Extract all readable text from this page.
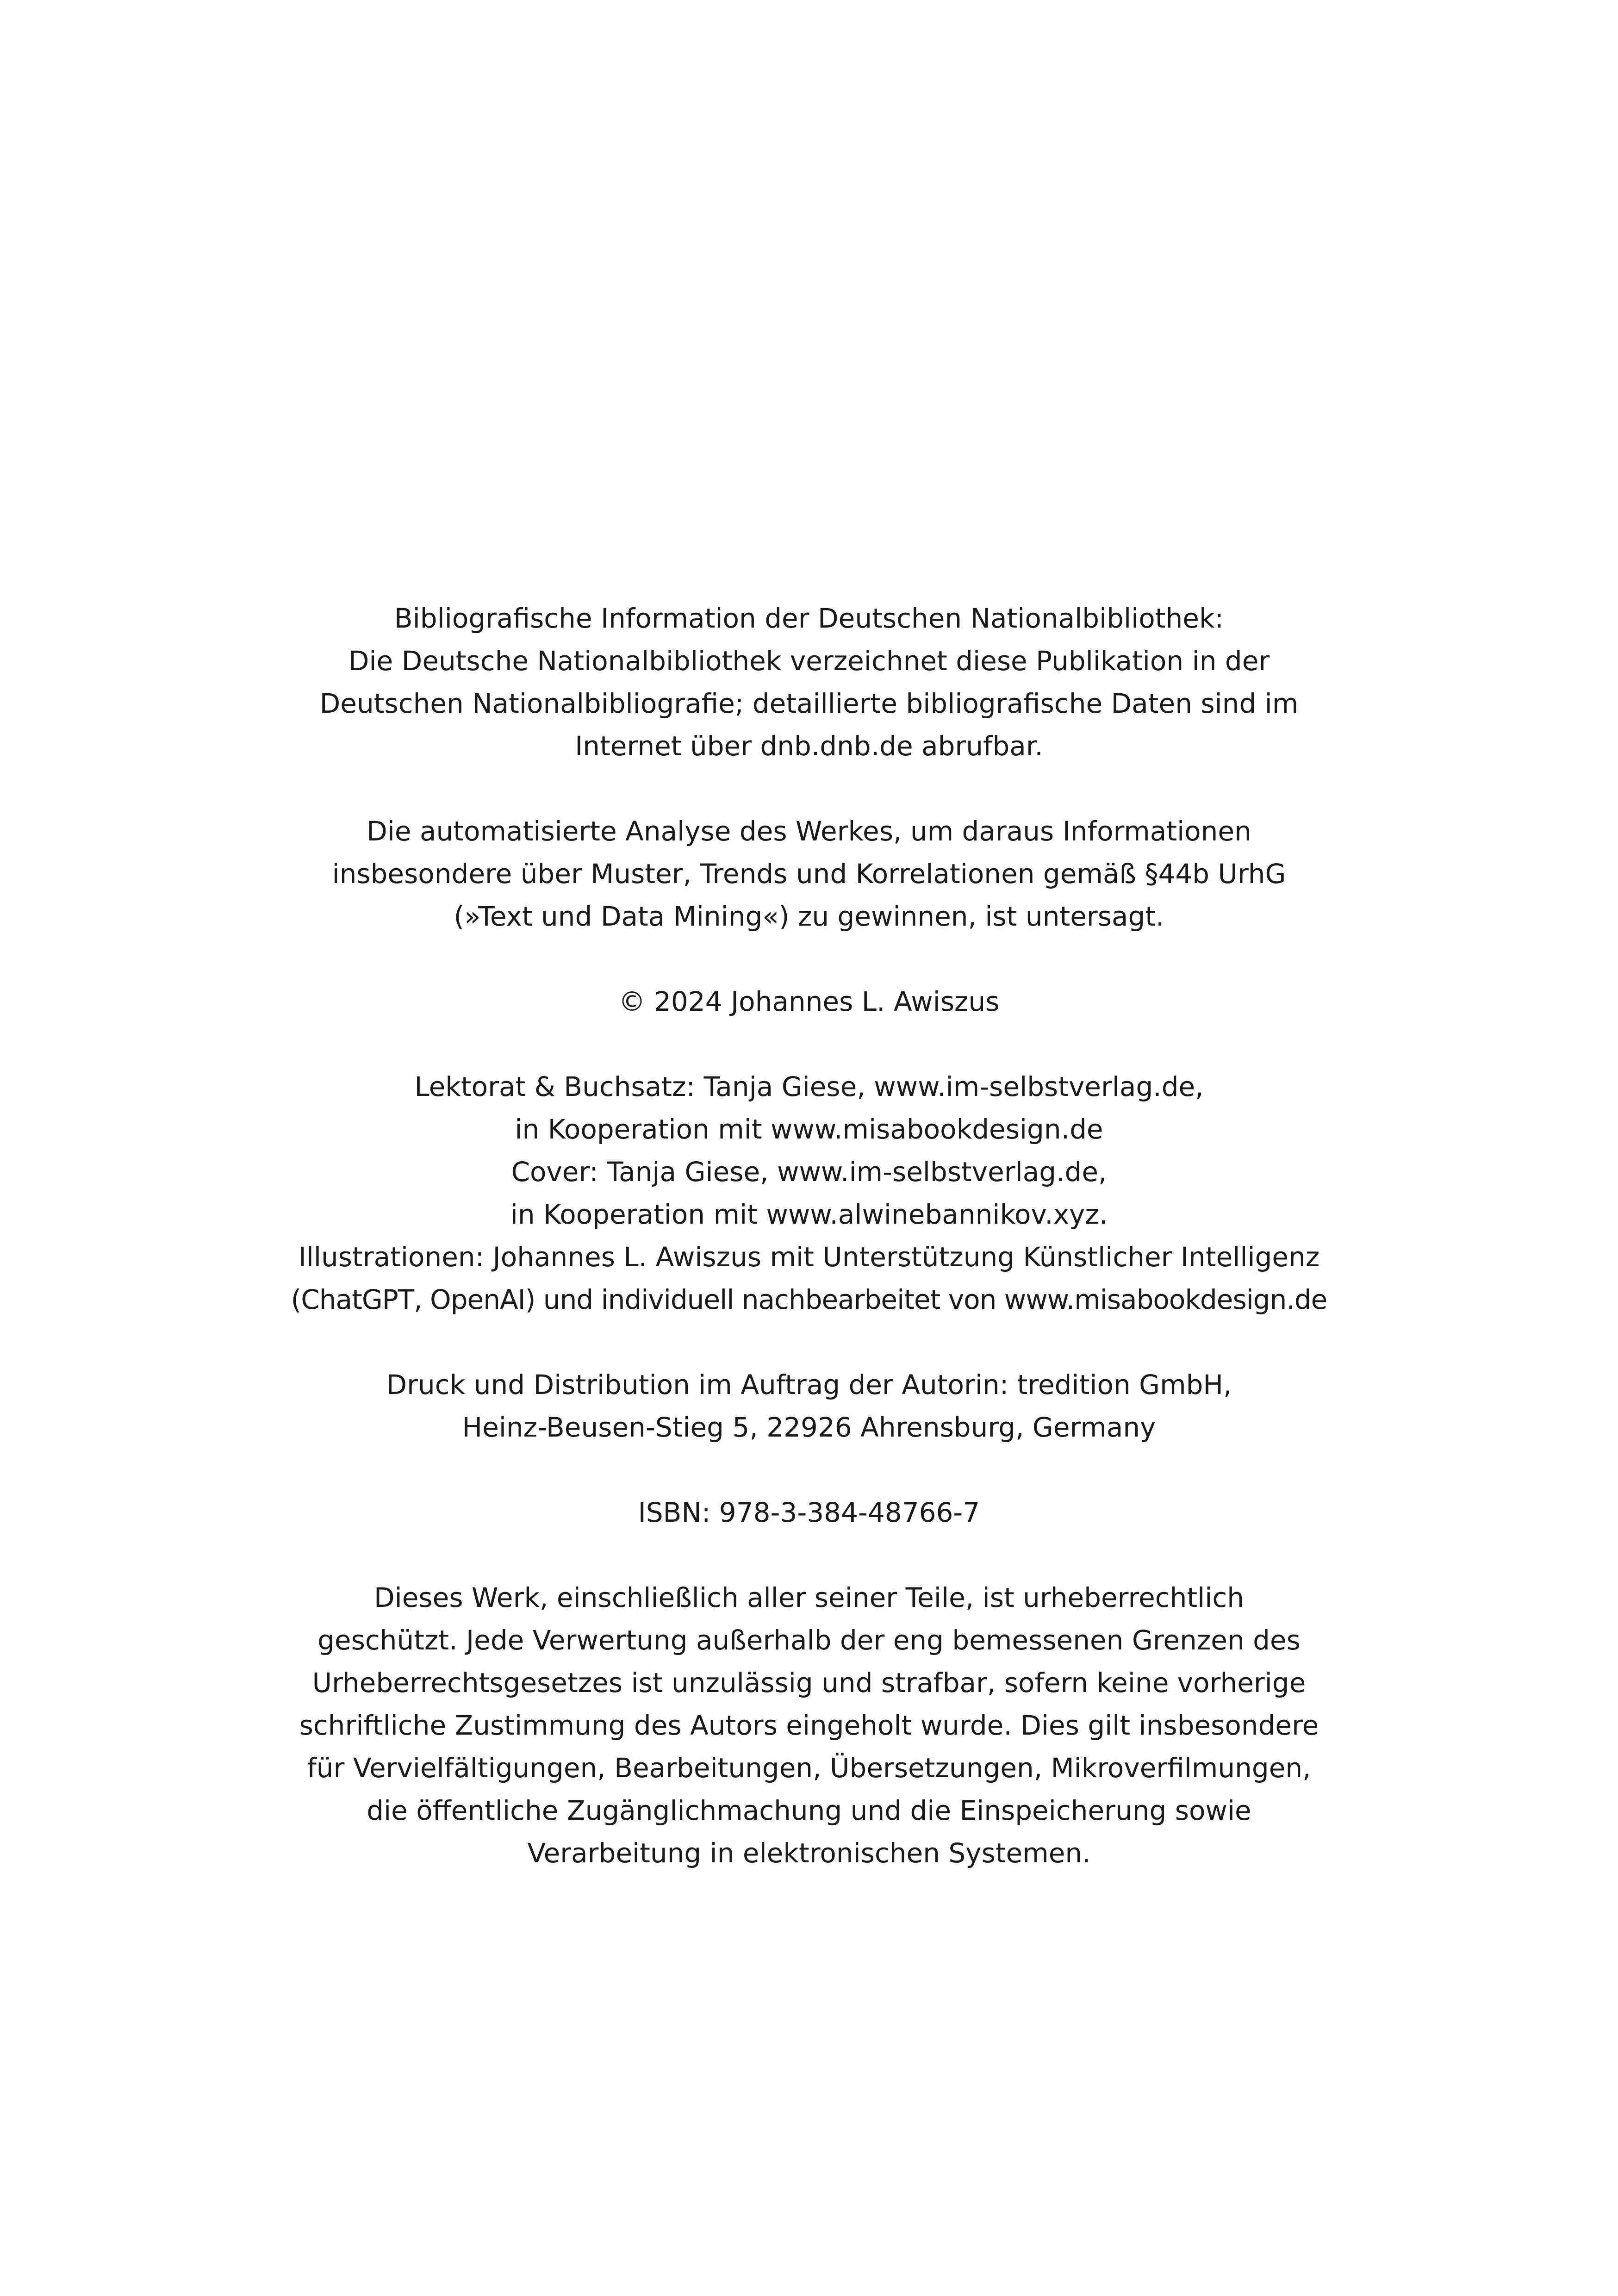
Bibliografische Information der Deutschen Nationalbibliothek:
Die Deutsche Nationalbibliothek verzeichnet diese Publikation in der
Deutschen Nationalbibliografie; detaillierte bibliografische Daten sind im
Internet über dnb.dnb.de abrufbar.
Die automatisierte Analyse des Werkes, um daraus Informationen
insbesondere über Muster, Trends und Korrelationen gemäß §44b UrhG
(»Text und Data Mining«) zu gewinnen, ist untersagt.
© 2024 Johannes L. Awiszus
Lektorat & Buchsatz: Tanja Giese, www.im-selbstverlag.de,
in Kooperation mit www.misabookdesign.de
Cover: Tanja Giese, www.im-selbstverlag.de,
in Kooperation mit www.alwinebannikov.xyz.
Illustrationen: Johannes L. Awiszus mit Unterstützung Künstlicher Intelligenz
(ChatGPT, OpenAI) und individuell nachbearbeitet von www.misabookdesign.de
Druck und Distribution im Auftrag der Autorin: tredition GmbH,
Heinz-Beusen-Stieg 5, 22926 Ahrensburg, Germany
ISBN: 978-3-384-48766-7
Dieses Werk, einschließlich aller seiner Teile, ist urheberrechtlich
geschützt. Jede Verwertung außerhalb der eng bemessenen Grenzen des
Urheberrechtsgesetzes ist unzulässig und strafbar, sofern keine vorherige
schriftliche Zustimmung des Autors eingeholt wurde. Dies gilt insbesondere
für Vervielfältigungen, Bearbeitungen, Übersetzungen, Mikroverfilmungen,
die öffentliche Zugänglichmachung und die Einspeicherung sowie
Verarbeitung in elektronischen Systemen.
